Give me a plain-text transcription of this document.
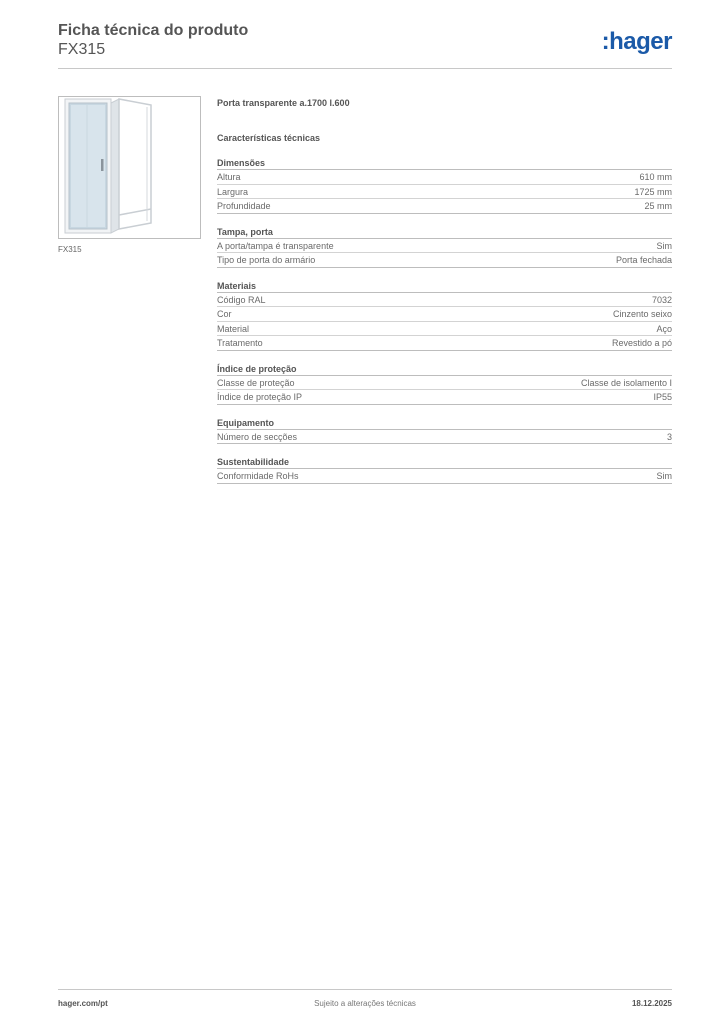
Ficha técnica do produto
FX315	:hager
FX315
Porta transparente a.1700 l.600
Características técnicas
Dimensões
Altura	610 mm
Largura	1725 mm
Profundidade	25 mm
Tampa, porta
A porta/tampa é transparente	Sim
Tipo de porta do armário	Porta fechada
Materiais
Código RAL	7032
Cor	Cinzento seixo
Material	Aço
Tratamento	Revestido a pó
Índice de proteção
Classe de proteção	Classe de isolamento I
Índice de proteção IP	IP55
Equipamento
Número de secções	3
Sustentabilidade
Conformidade RoHs	Sim
hager.com/pt	Sujeito a alterações técnicas	18.12.2025
